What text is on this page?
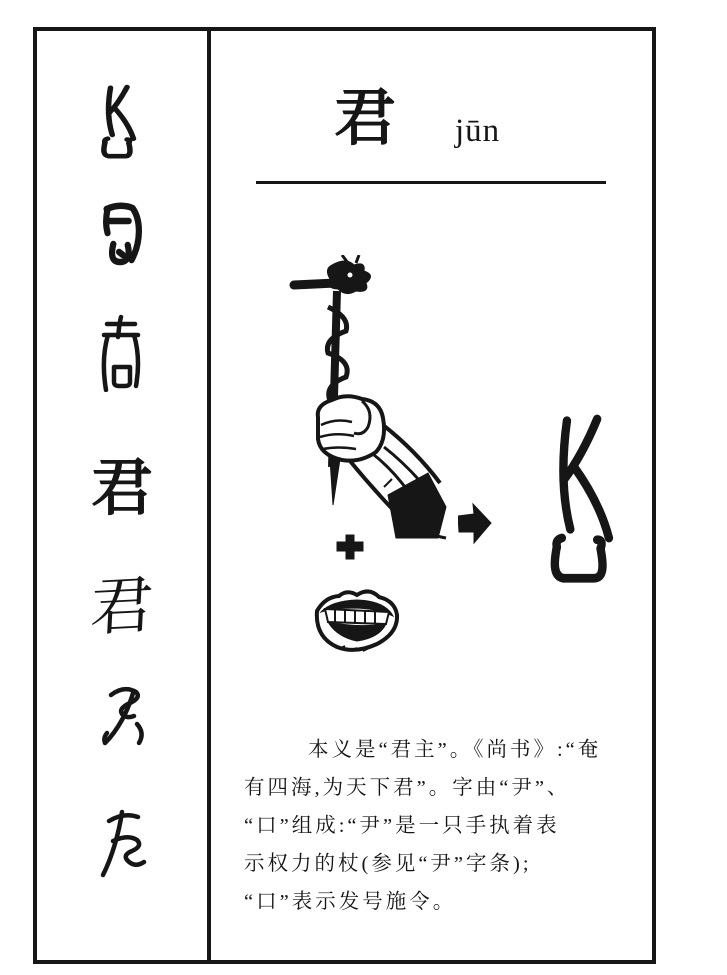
君
君
君 jūn
本义是“君主”。《尚书》:“奄
有四海,为天下君”。字由“尹”、
“口”组成:“尹”是一只手执着表
示权力的杖(参见“尹”字条);
“口”表示发号施令。
